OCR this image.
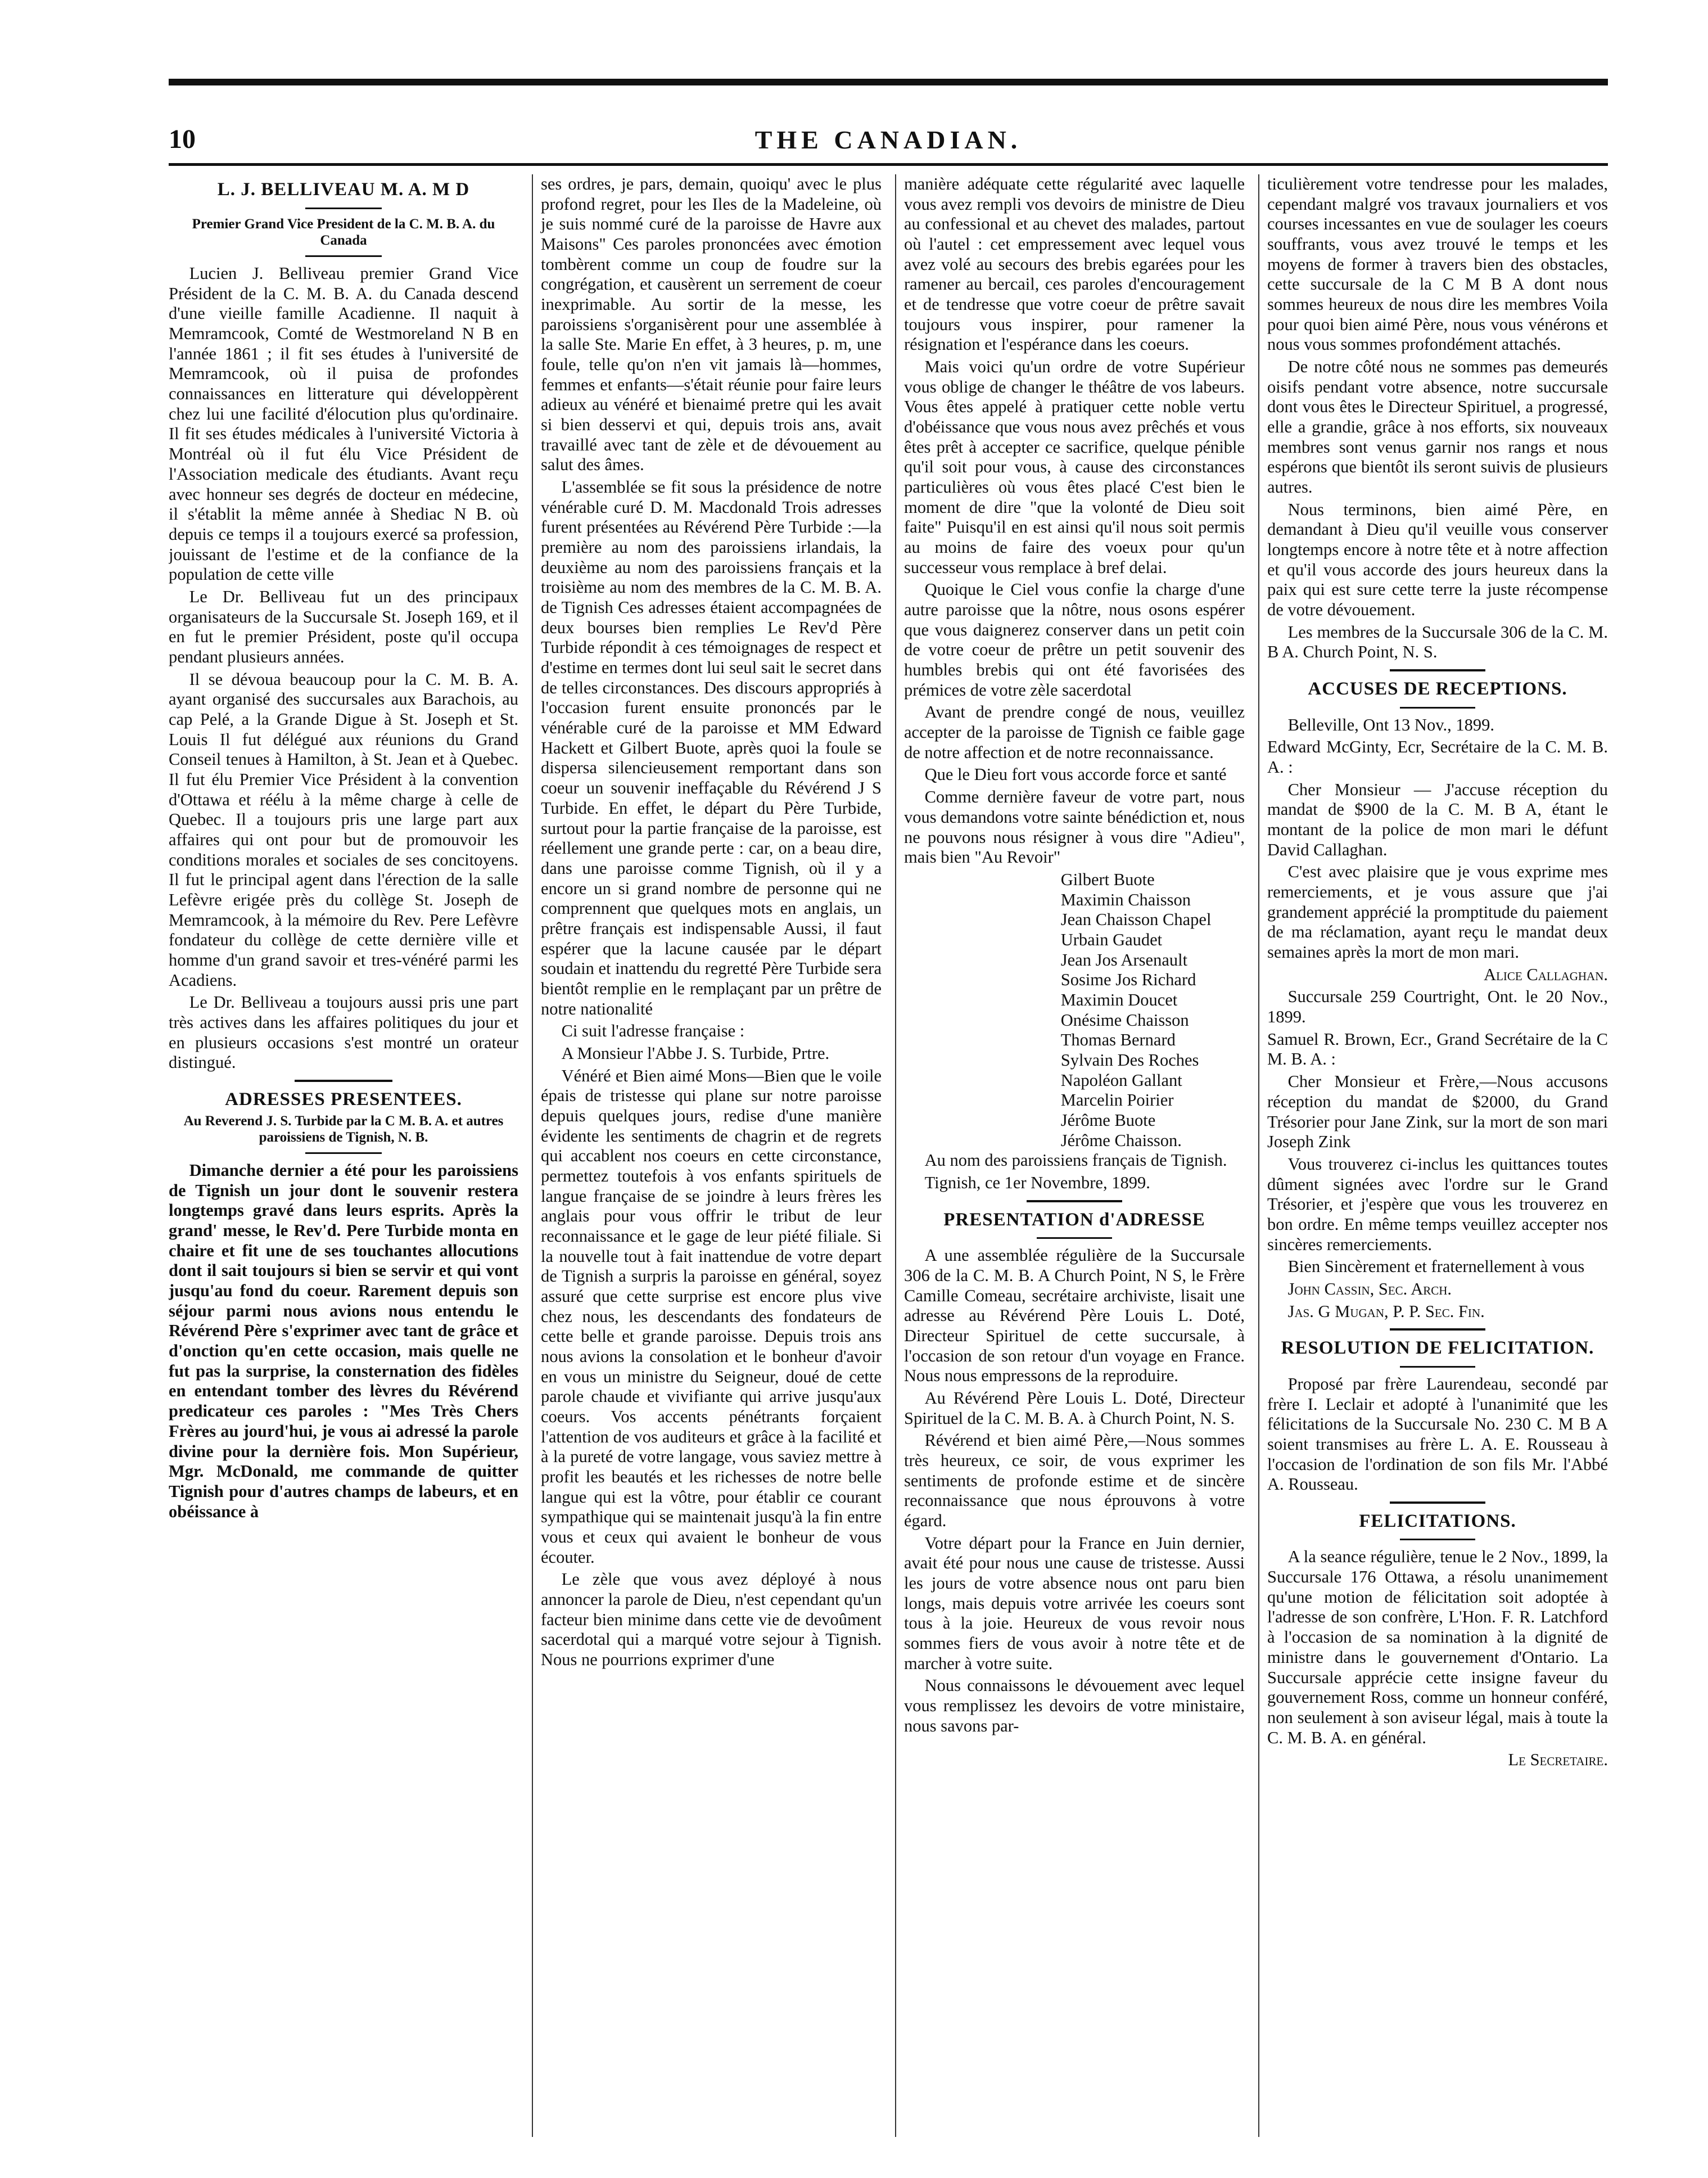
10	THE CANADIAN.
L. J. BELLIVEAU M. A. M D
Premier Grand Vice President de la C. M. B. A. du Canada

Lucien J. Belliveau premier Grand Vice Président de la C. M. B. A. du Canada descend d'une vieille famille Acadienne. Il naquit à Memramcook, Comté de Westmoreland N B en l'année 1861 ; il fit ses études à l'université de Memramcook, où il puisa de profondes connaissances en litterature qui développèrent chez lui une facilité d'élocution plus qu'ordinaire. Il fit ses études médicales à l'université Victoria à Montréal où il fut élu Vice Président de l'Association medicale des étudiants. Avant reçu avec honneur ses degrés de docteur en médecine, il s'établit la même année à Shediac N B. où depuis ce temps il a toujours exercé sa profession, jouissant de l'estime et de la confiance de la population de cette ville

Le Dr. Belliveau fut un des principaux organisateurs de la Succursale St. Joseph 169, et il en fut le premier Président, poste qu'il occupa pendant plusieurs années.

Il se dévoua beaucoup pour la C. M. B. A. ayant organisé des succursales aux Barachois, au cap Pelé, a la Grande Digue à St. Joseph et St. Louis Il fut délégué aux réunions du Grand Conseil tenues à Hamilton, à St. Jean et à Quebec. Il fut élu Premier Vice Président à la convention d'Ottawa et réélu à la même charge à celle de Quebec. Il a toujours pris une large part aux affaires qui ont pour but de promouvoir les conditions morales et sociales de ses concitoyens. Il fut le principal agent dans l'érection de la salle Lefèvre erigée près du collège St. Joseph de Memramcook, à la mémoire du Rev. Pere Lefèvre fondateur du collège de cette dernière ville et homme d'un grand savoir et tres-vénéré parmi les Acadiens.

Le Dr. Belliveau a toujours aussi pris une part très actives dans les affaires politiques du jour et en plusieurs occasions s'est montré un orateur distingué.

ADRESSES PRESENTEES.
Au Reverend J. S. Turbide par la C M. B. A. et autres paroissiens de Tignish, N. B.

Dimanche dernier a été pour les paroissiens de Tignish un jour dont le souvenir restera longtemps gravé dans leurs esprits. Après la grand' messe, le Rev'd. Pere Turbide monta en chaire et fit une de ses touchantes allocutions dont il sait toujours si bien se servir et qui vont jusqu'au fond du coeur. Rarement depuis son séjour parmi nous avions nous entendu le Révérend Père s'exprimer avec tant de grâce et d'onction qu'en cette occasion, mais quelle ne fut pas la surprise, la consternation des fidèles en entendant tomber des lèvres du Révérend predicateur ces paroles : "Mes Très Chers Frères au jourd'hui, je vous ai adressé la parole divine pour la dernière fois. Mon Supérieur, Mgr. McDonald, me commande de quitter Tignish pour d'autres champs de labeurs, et en obéissance à

ses ordres, je pars, demain, quoiqu' avec le plus profond regret, pour les Iles de la Madeleine, où je suis nommé curé de la paroisse de Havre aux Maisons" Ces paroles prononcées avec émotion tombèrent comme un coup de foudre sur la congrégation, et causèrent un serrement de coeur inexprimable. Au sortir de la messe, les paroissiens s'organisèrent pour une assemblée à la salle Ste. Marie En effet, à 3 heures, p. m, une foule, telle qu'on n'en vit jamais là—hommes, femmes et enfants—s'était réunie pour faire leurs adieux au vénéré et bienaimé pretre qui les avait si bien desservi et qui, depuis trois ans, avait travaillé avec tant de zèle et de dévouement au salut des âmes.

L'assemblée se fit sous la présidence de notre vénérable curé D. M. Macdonald Trois adresses furent présentées au Révérend Père Turbide :—la première au nom des paroissiens irlandais, la deuxième au nom des paroissiens français et la troisième au nom des membres de la C. M. B. A. de Tignish Ces adresses étaient accompagnées de deux bourses bien remplies Le Rev'd Père Turbide répondit à ces témoignages de respect et d'estime en termes dont lui seul sait le secret dans de telles circonstances. Des discours appropriés à l'occasion furent ensuite prononcés par le vénérable curé de la paroisse et MM Edward Hackett et Gilbert Buote, après quoi la foule se dispersa silencieusement remportant dans son coeur un souvenir ineffaçable du Révérend J S Turbide. En effet, le départ du Père Turbide, surtout pour la partie française de la paroisse, est réellement une grande perte : car, on a beau dire, dans une paroisse comme Tignish, où il y a encore un si grand nombre de personne qui ne comprennent que quelques mots en anglais, un prêtre français est indispensable Aussi, il faut espérer que la lacune causée par le départ soudain et inattendu du regretté Père Turbide sera bientôt remplie en le remplaçant par un prêtre de notre nationalité

Ci suit l'adresse française :

A Monsieur l'Abbe J. S. Turbide, Prtre.

Vénéré et Bien aimé Mons—Bien que le voile épais de tristesse qui plane sur notre paroisse depuis quelques jours, redise d'une manière évidente les sentiments de chagrin et de regrets qui accablent nos coeurs en cette circonstance, permettez toutefois à vos enfants spirituels de langue française de se joindre à leurs frères les anglais pour vous offrir le tribut de leur reconnaissance et le gage de leur piété filiale. Si la nouvelle tout à fait inattendue de votre depart de Tignish a surpris la paroisse en général, soyez assuré que cette surprise est encore plus vive chez nous, les descendants des fondateurs de cette belle et grande paroisse. Depuis trois ans nous avions la consolation et le bonheur d'avoir en vous un ministre du Seigneur, doué de cette parole chaude et vivifiante qui arrive jusqu'aux coeurs. Vos accents pénétrants forçaient l'attention de vos auditeurs et grâce à la facilité et à la pureté de votre langage, vous saviez mettre à profit les beautés et les richesses de notre belle langue qui est la vôtre, pour établir ce courant sympathique qui se maintenait jusqu'à la fin entre vous et ceux qui avaient le bonheur de vous écouter.

Le zèle que vous avez déployé à nous annoncer la parole de Dieu, n'est cependant qu'un facteur bien minime dans cette vie de devoûment sacerdotal qui a marqué votre sejour à Tignish. Nous ne pourrions exprimer d'une

manière adéquate cette régularité avec laquelle vous avez rempli vos devoirs de ministre de Dieu au confessional et au chevet des malades, partout où l'autel : cet empressement avec lequel vous avez volé au secours des brebis egarées pour les ramener au bercail, ces paroles d'encouragement et de tendresse que votre coeur de prêtre savait toujours vous inspirer, pour ramener la résignation et l'espérance dans les coeurs.

Mais voici qu'un ordre de votre Supérieur vous oblige de changer le théâtre de vos labeurs. Vous êtes appelé à pratiquer cette noble vertu d'obéissance que vous nous avez prêchés et vous êtes prêt à accepter ce sacrifice, quelque pénible qu'il soit pour vous, à cause des circonstances particulières où vous êtes placé C'est bien le moment de dire "que la volonté de Dieu soit faite" Puisqu'il en est ainsi qu'il nous soit permis au moins de faire des voeux pour qu'un successeur vous remplace à bref delai.

Quoique le Ciel vous confie la charge d'une autre paroisse que la nôtre, nous osons espérer que vous daignerez conserver dans un petit coin de votre coeur de prêtre un petit souvenir des humbles brebis qui ont été favorisées des prémices de votre zèle sacerdotal

Avant de prendre congé de nous, veuillez accepter de la paroisse de Tignish ce faible gage de notre affection et de notre reconnaissance.

Que le Dieu fort vous accorde force et santé

Comme dernière faveur de votre part, nous vous demandons votre sainte bénédiction et, nous ne pouvons nous résigner à vous dire "Adieu", mais bien "Au Revoir"

Gilbert Buote
Maximin Chaisson
Jean Chaisson Chapel
Urbain Gaudet
Jean Jos Arsenault
Sosime Jos Richard
Maximin Doucet
Onésime Chaisson
Thomas Bernard
Sylvain Des Roches
Napoléon Gallant
Marcelin Poirier
Jérôme Buote
Jérôme Chaisson.

Au nom des paroissiens français de Tignish.

Tignish, ce 1er Novembre, 1899.

PRESENTATION d'ADRESSE

A une assemblée régulière de la Succursale 306 de la C. M. B. A Church Point, N S, le Frère Camille Comeau, secrétaire archiviste, lisait une adresse au Révérend Père Louis L. Doté, Directeur Spirituel de cette succursale, à l'occasion de son retour d'un voyage en France. Nous nous empressons de la reproduire.

Au Révérend Père Louis L. Doté, Directeur Spirituel de la C. M. B. A. à Church Point, N. S.

Révérend et bien aimé Père,—Nous sommes très heureux, ce soir, de vous exprimer les sentiments de profonde estime et de sincère reconnaissance que nous éprouvons à votre égard.

Votre départ pour la France en Juin dernier, avait été pour nous une cause de tristesse. Aussi les jours de votre absence nous ont paru bien longs, mais depuis votre arrivée les coeurs sont tous à la joie. Heureux de vous revoir nous sommes fiers de vous avoir à notre tête et de marcher à votre suite.

Nous connaissons le dévouement avec lequel vous remplissez les devoirs de votre ministaire, nous savons par-

ticulièrement votre tendresse pour les malades, cependant malgré vos travaux journaliers et vos courses incessantes en vue de soulager les coeurs souffrants, vous avez trouvé le temps et les moyens de former à travers bien des obstacles, cette succursale de la C M B A dont nous sommes heureux de nous dire les membres Voila pour quoi bien aimé Père, nous vous vénérons et nous vous sommes profondément attachés.

De notre côté nous ne sommes pas demeurés oisifs pendant votre absence, notre succursale dont vous êtes le Directeur Spirituel, a progressé, elle a grandie, grâce à nos efforts, six nouveaux membres sont venus garnir nos rangs et nous espérons que bientôt ils seront suivis de plusieurs autres.

Nous terminons, bien aimé Père, en demandant à Dieu qu'il veuille vous conserver longtemps encore à notre tête et à notre affection et qu'il vous accorde des jours heureux dans la paix qui est sure cette terre la juste récompense de votre dévouement.

Les membres de la Succursale 306 de la C. M. B A. Church Point, N. S.

ACCUSES DE RECEPTIONS.

Belleville, Ont 13 Nov., 1899.

Edward McGinty, Ecr, Secrétaire de la C. M. B. A. :

Cher Monsieur — J'accuse réception du mandat de $900 de la C. M. B A, étant le montant de la police de mon mari le défunt David Callaghan.

C'est avec plaisire que je vous exprime mes remerciements, et je vous assure que j'ai grandement apprécié la promptitude du paiement de ma réclamation, ayant reçu le mandat deux semaines après la mort de mon mari.

Alice Callaghan.

Succursale 259 Courtright, Ont. le 20 Nov., 1899.

Samuel R. Brown, Ecr., Grand Secrétaire de la C M. B. A. :

Cher Monsieur et Frère,—Nous accusons réception du mandat de $2000, du Grand Trésorier pour Jane Zink, sur la mort de son mari Joseph Zink

Vous trouverez ci-inclus les quittances toutes dûment signées avec l'ordre sur le Grand Trésorier, et j'espère que vous les trouverez en bon ordre. En même temps veuillez accepter nos sincères remerciements.

Bien Sincèrement et fraternellement à vous

John Cassin, Sec. Arch.

Jas. G Mugan, P. P. Sec. Fin.

RESOLUTION DE FELICITATION.

Proposé par frère Laurendeau, secondé par frère I. Leclair et adopté à l'unanimité que les félicitations de la Succursale No. 230 C. M B A soient transmises au frère L. A. E. Rousseau à l'occasion de l'ordination de son fils Mr. l'Abbé A. Rousseau.

FELICITATIONS.

A la seance régulière, tenue le 2 Nov., 1899, la Succursale 176 Ottawa, a résolu unanimement qu'une motion de félicitation soit adoptée à l'adresse de son confrère, L'Hon. F. R. Latchford à l'occasion de sa nomination à la dignité de ministre dans le gouvernement d'Ontario. La Succursale apprécie cette insigne faveur du gouvernement Ross, comme un honneur conféré, non seulement à son aviseur légal, mais à toute la C. M. B. A. en général.

Le Secretaire.
